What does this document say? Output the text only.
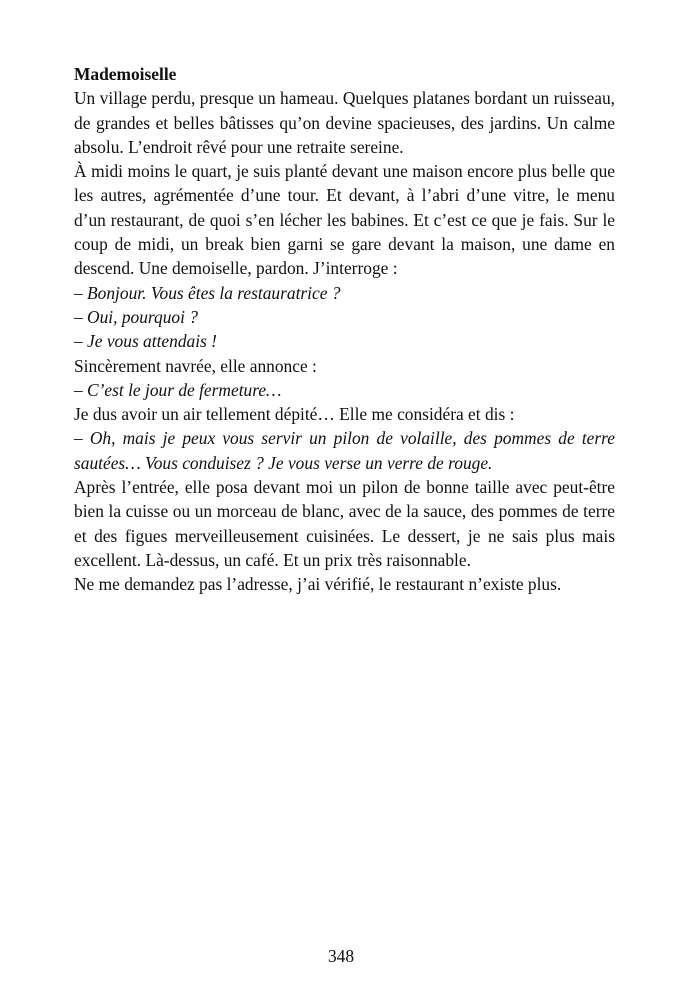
Mademoiselle

Un village perdu, presque un hameau. Quelques platanes bordant un ruisseau, de grandes et belles bâtisses qu’on devine spacieuses, des jardins. Un calme absolu. L’endroit rêvé pour une retraite sereine.

À midi moins le quart, je suis planté devant une maison encore plus belle que les autres, agrémentée d’une tour. Et devant, à l’abri d’une vitre, le menu d’un restaurant, de quoi s’en lécher les babines. Et c’est ce que je fais. Sur le coup de midi, un break bien garni se gare devant la maison, une dame en descend. Une demoiselle, pardon. J’interroge :

– Bonjour. Vous êtes la restauratrice ?

– Oui, pourquoi ?

– Je vous attendais !

Sincèrement navrée, elle annonce :

– C’est le jour de fermeture…

Je dus avoir un air tellement dépité… Elle me considéra et dis :

– Oh, mais je peux vous servir un pilon de volaille, des pommes de terre sautées… Vous conduisez ? Je vous verse un verre de rouge.

Après l’entrée, elle posa devant moi un pilon de bonne taille avec peut-être bien la cuisse ou un morceau de blanc, avec de la sauce, des pommes de terre et des figues merveilleusement cuisinées. Le dessert, je ne sais plus mais excellent. Là-dessus, un café. Et un prix très raisonnable.

Ne me demandez pas l’adresse, j’ai vérifié, le restaurant n’existe plus.

348
